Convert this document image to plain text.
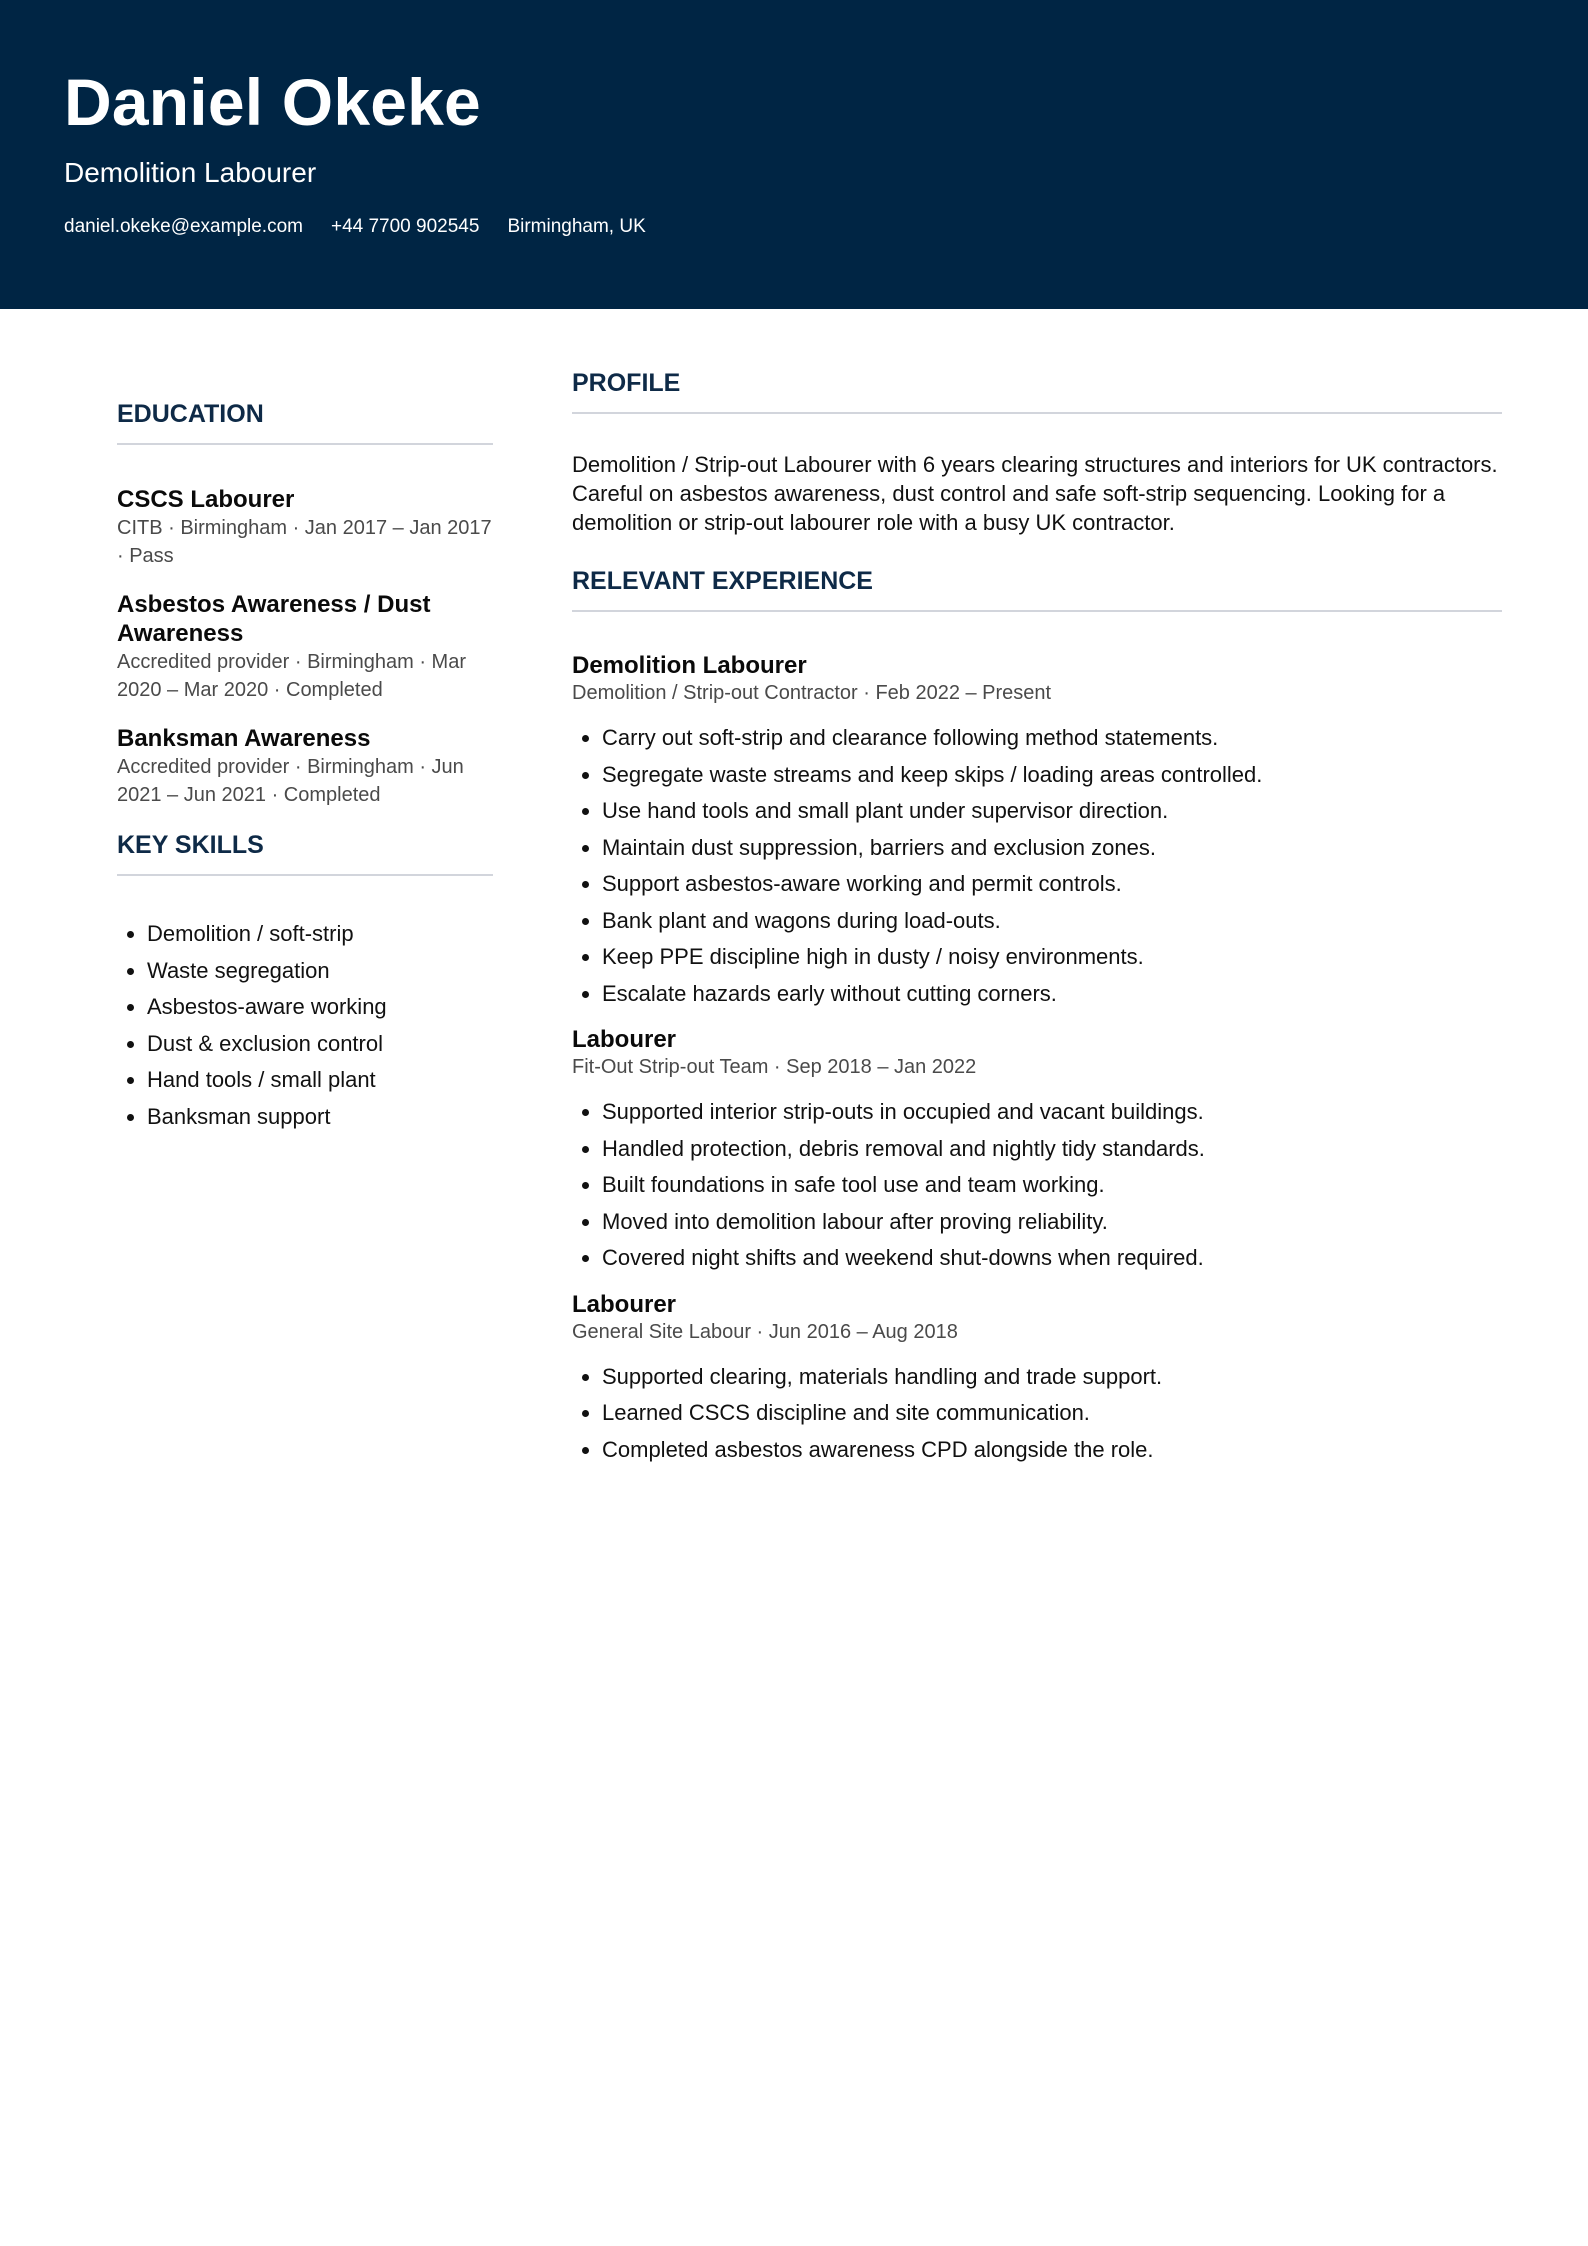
Daniel Okeke
Demolition Labourer
daniel.okeke@example.com +44 7700 902545 Birmingham, UK
EDUCATION
CSCS Labourer
CITB · Birmingham · Jan 2017 – Jan 2017 · Pass
Asbestos Awareness / Dust Awareness
Accredited provider · Birmingham · Mar 2020 – Mar 2020 · Completed
Banksman Awareness
Accredited provider · Birmingham · Jun 2021 – Jun 2021 · Completed
KEY SKILLS
• Demolition / soft-strip
• Waste segregation
• Asbestos-aware working
• Dust & exclusion control
• Hand tools / small plant
• Banksman support
PROFILE
Demolition / Strip-out Labourer with 6 years clearing structures and interiors for UK contractors. Careful on asbestos awareness, dust control and safe soft-strip sequencing. Looking for a demolition or strip-out labourer role with a busy UK contractor.
RELEVANT EXPERIENCE
Demolition Labourer
Demolition / Strip-out Contractor · Feb 2022 – Present
• Carry out soft-strip and clearance following method statements.
• Segregate waste streams and keep skips / loading areas controlled.
• Use hand tools and small plant under supervisor direction.
• Maintain dust suppression, barriers and exclusion zones.
• Support asbestos-aware working and permit controls.
• Bank plant and wagons during load-outs.
• Keep PPE discipline high in dusty / noisy environments.
• Escalate hazards early without cutting corners.
Labourer
Fit-Out Strip-out Team · Sep 2018 – Jan 2022
• Supported interior strip-outs in occupied and vacant buildings.
• Handled protection, debris removal and nightly tidy standards.
• Built foundations in safe tool use and team working.
• Moved into demolition labour after proving reliability.
• Covered night shifts and weekend shut-downs when required.
Labourer
General Site Labour · Jun 2016 – Aug 2018
• Supported clearing, materials handling and trade support.
• Learned CSCS discipline and site communication.
• Completed asbestos awareness CPD alongside the role.
